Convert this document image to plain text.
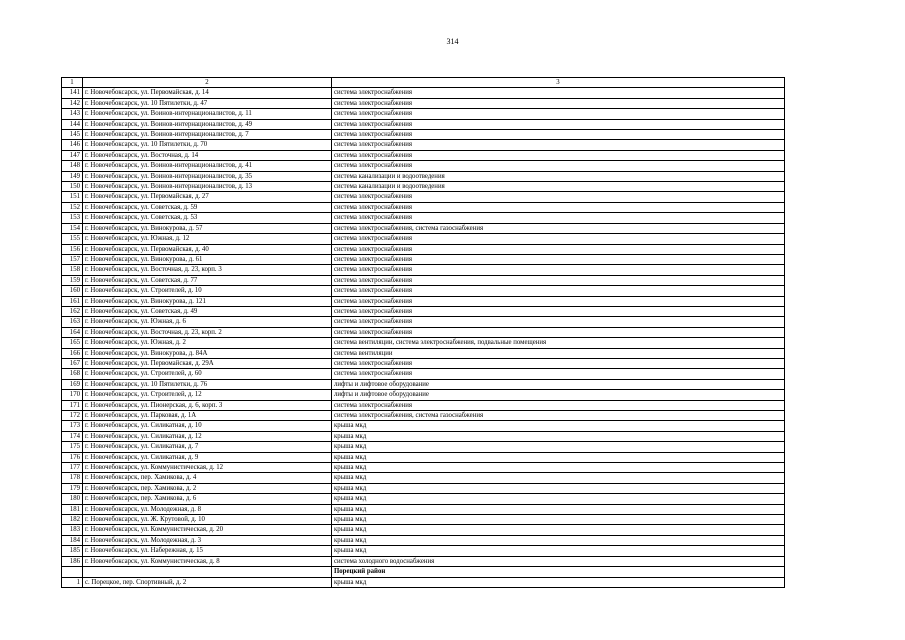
314
1	2	3
141	г. Новочебоксарск, ул. Первомайская, д. 14	система электроснабжения
142	г. Новочебоксарск, ул. 10 Пятилетки, д. 47	система электроснабжения
143	г. Новочебоксарск, ул. Воинов-интернационалистов, д. 11	система электроснабжения
144	г. Новочебоксарск, ул. Воинов-интернационалистов, д. 49	система электроснабжения
145	г. Новочебоксарск, ул. Воинов-интернационалистов, д. 7	система электроснабжения
146	г. Новочебоксарск, ул. 10 Пятилетки, д. 70	система электроснабжения
147	г. Новочебоксарск, ул. Восточная, д. 14	система электроснабжения
148	г. Новочебоксарск, ул. Воинов-интернационалистов, д. 41	система электроснабжения
149	г. Новочебоксарск, ул. Воинов-интернационалистов, д. 35	система канализации и водоотведения
150	г. Новочебоксарск, ул. Воинов-интернационалистов, д. 13	система канализации и водоотведения
151	г. Новочебоксарск, ул. Первомайская, д. 27	система электроснабжения
152	г. Новочебоксарск, ул. Советская, д. 59	система электроснабжения
153	г. Новочебоксарск, ул. Советская, д. 53	система электроснабжения
154	г. Новочебоксарск, ул. Винокурова, д. 57	система электроснабжения, система газоснабжения
155	г. Новочебоксарск, ул. Южная, д. 12	система электроснабжения
156	г. Новочебоксарск, ул. Первомайская, д. 40	система электроснабжения
157	г. Новочебоксарск, ул. Винокурова, д. 61	система электроснабжения
158	г. Новочебоксарск, ул. Восточная, д. 23, корп. 3	система электроснабжения
159	г. Новочебоксарск, ул. Советская, д. 77	система электроснабжения
160	г. Новочебоксарск, ул. Строителей, д. 10	система электроснабжения
161	г. Новочебоксарск, ул. Винокурова, д. 121	система электроснабжения
162	г. Новочебоксарск, ул. Советская, д. 49	система электроснабжения
163	г. Новочебоксарск, ул. Южная, д. 6	система электроснабжения
164	г. Новочебоксарск, ул. Восточная, д. 23, корп. 2	система электроснабжения
165	г. Новочебоксарск, ул. Южная, д. 2	система вентиляции, система электроснабжения, подвальные помещения
166	г. Новочебоксарск, ул. Винокурова, д. 84А	система вентиляции
167	г. Новочебоксарск, ул. Первомайская, д. 29А	система электроснабжения
168	г. Новочебоксарск, ул. Строителей, д. 60	система электроснабжения
169	г. Новочебоксарск, ул. 10 Пятилетки, д. 76	лифты и лифтовое оборудование
170	г. Новочебоксарск, ул. Строителей, д. 12	лифты и лифтовое оборудование
171	г. Новочебоксарск, ул. Пионерская, д. 6, корп. 3	система электроснабжения
172	г. Новочебоксарск, ул. Парковая, д. 1А	система электроснабжения, система газоснабжения
173	г. Новочебоксарск, ул. Силикатная, д. 10	крыша мкд
174	г. Новочебоксарск, ул. Силикатная, д. 12	крыша мкд
175	г. Новочебоксарск, ул. Силикатная, д. 7	крыша мкд
176	г. Новочебоксарск, ул. Силикатная, д. 9	крыша мкд
177	г. Новочебоксарск, ул. Коммунистическая, д. 12	крыша мкд
178	г. Новочебоксарск, пер. Хамикова, д. 4	крыша мкд
179	г. Новочебоксарск, пер. Хамикова, д. 2	крыша мкд
180	г. Новочебоксарск, пер. Хамикова, д. 6	крыша мкд
181	г. Новочебоксарск, ул. Молодежная, д. 8	крыша мкд
182	г. Новочебоксарск, ул. Ж. Крутовой, д. 10	крыша мкд
183	г. Новочебоксарск, ул. Коммунистическая, д. 20	крыша мкд
184	г. Новочебоксарск, ул. Молодежная, д. 3	крыша мкд
185	г. Новочебоксарск, ул. Набережная, д. 15	крыша мкд
186	г. Новочебоксарск, ул. Коммунистическая, д. 8	система холодного водоснабжения
		Порецкий район
1	с. Порецкое, пер. Спортивный, д. 2	крыша мкд
